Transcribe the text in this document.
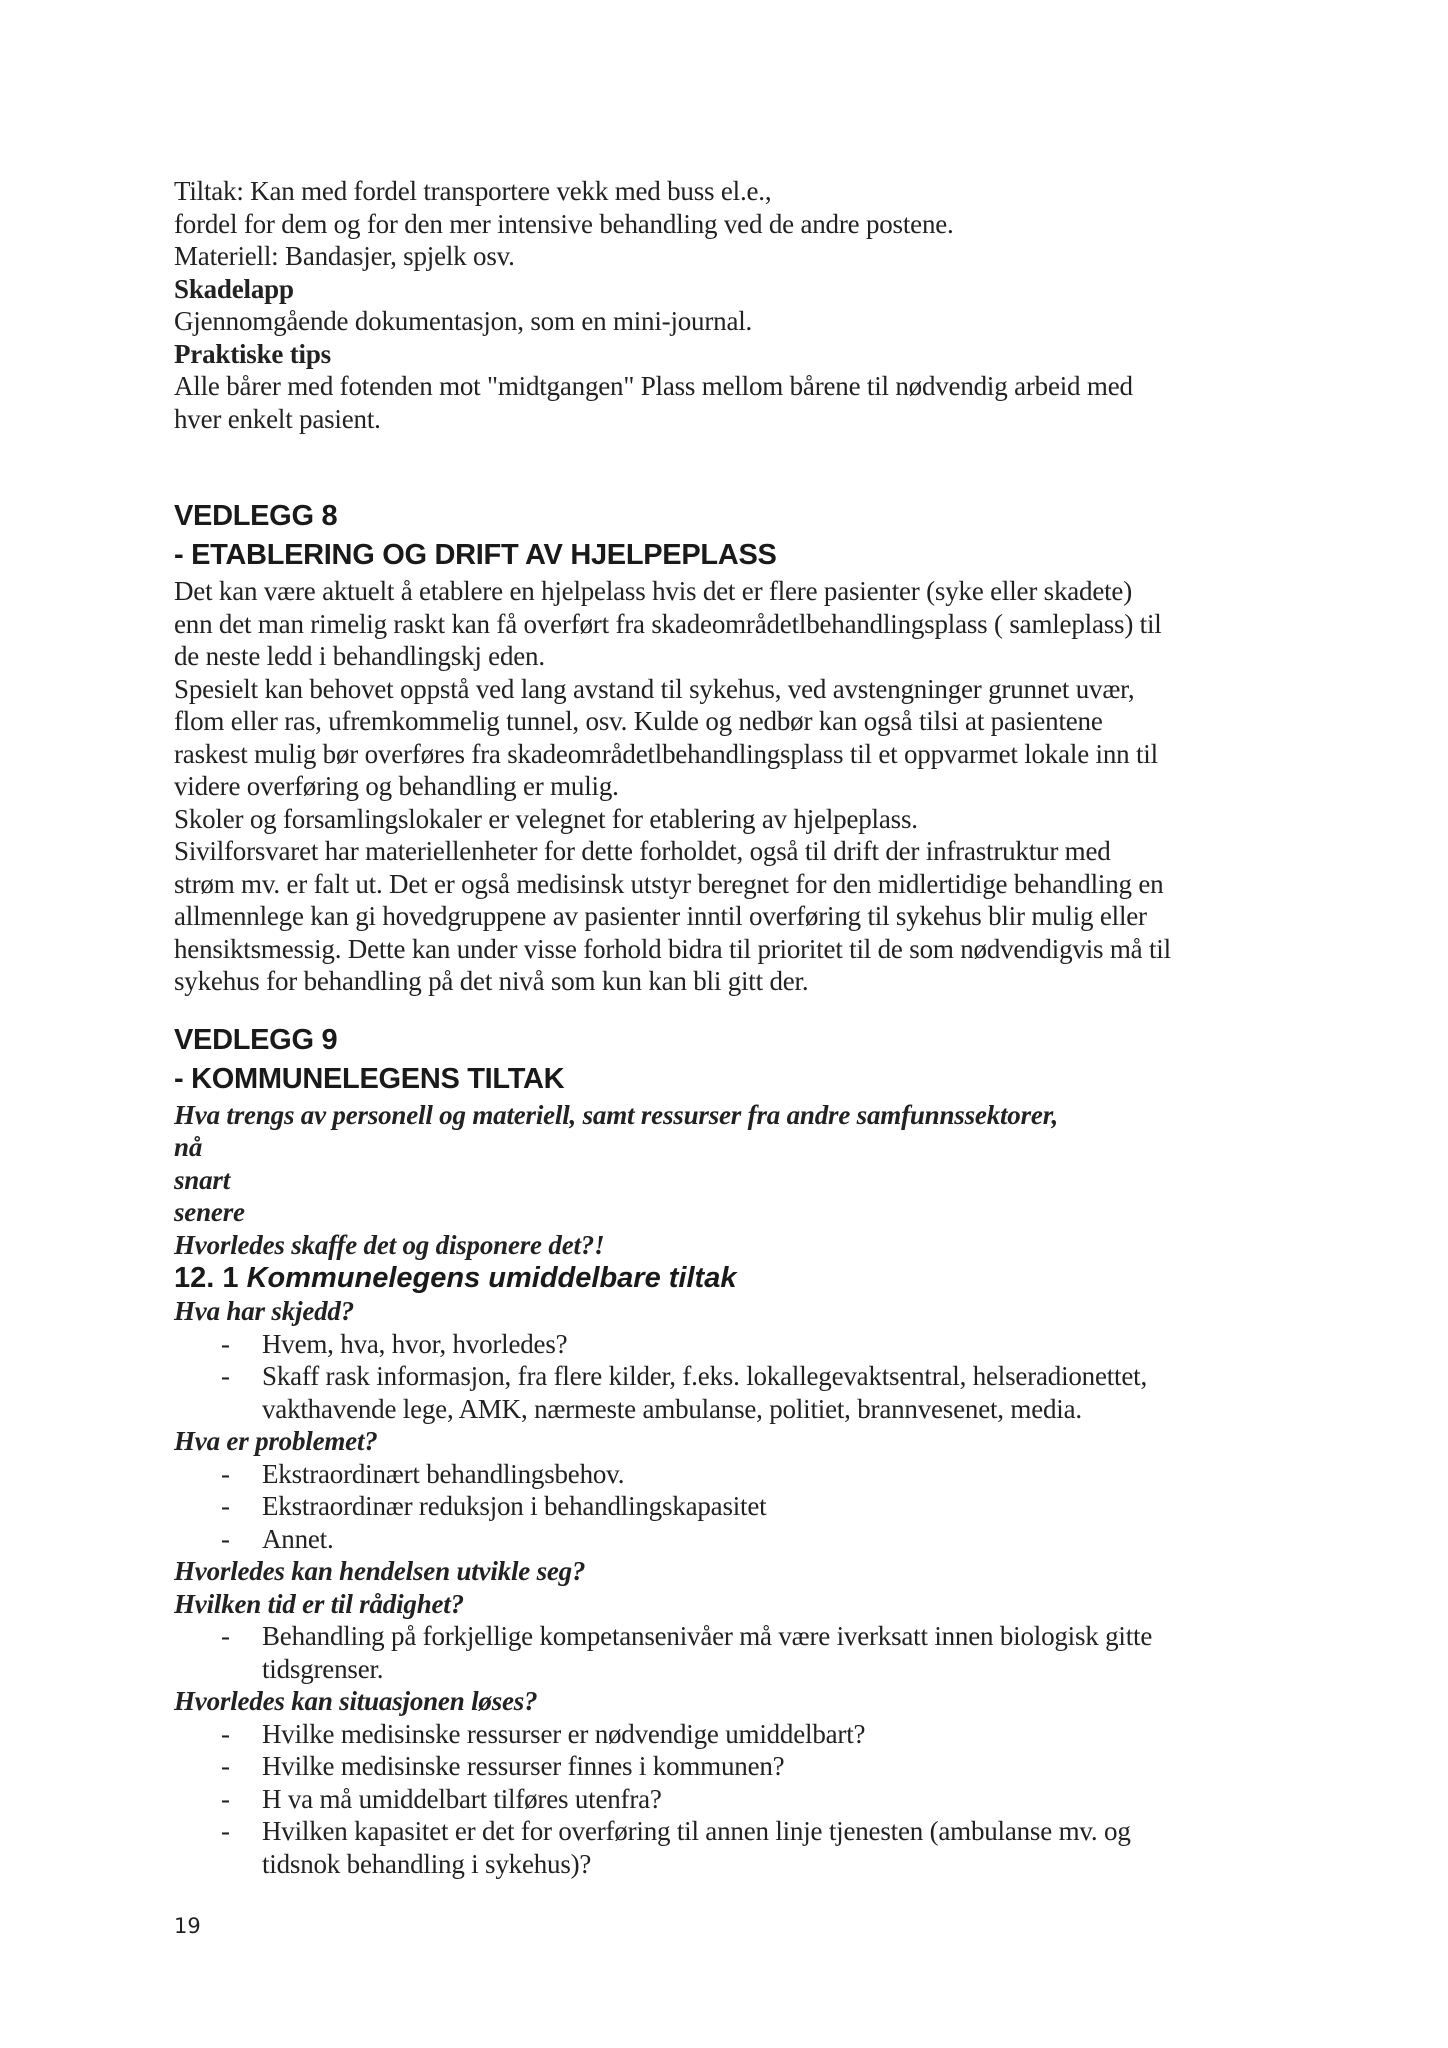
Tiltak: Kan med fordel transportere vekk med buss el.e.,
fordel for dem og for den mer intensive behandling ved de andre postene.
Materiell: Bandasjer, spjelk osv.
Skadelapp
Gjennomgående dokumentasjon, som en mini-journal.
Praktiske tips
Alle bårer med fotenden mot "midtgangen" Plass mellom bårene til nødvendig arbeid med
hver enkelt pasient.
VEDLEGG 8
- ETABLERING OG DRIFT AV HJELPEPLASS
Det kan være aktuelt å etablere en hjelpelass hvis det er flere pasienter (syke eller skadete)
enn det man rimelig raskt kan få overført fra skadeområdetlbehandlingsplass ( samleplass) til
de neste ledd i behandlingskj eden.
Spesielt kan behovet oppstå ved lang avstand til sykehus, ved avstengninger grunnet uvær,
flom eller ras, ufremkommelig tunnel, osv. Kulde og nedbør kan også tilsi at pasientene
raskest mulig bør overføres fra skadeområdetlbehandlingsplass til et oppvarmet lokale inn til
videre overføring og behandling er mulig.
Skoler og forsamlingslokaler er velegnet for etablering av hjelpeplass.
Sivilforsvaret har materiellenheter for dette forholdet, også til drift der infrastruktur med
strøm mv. er falt ut. Det er også medisinsk utstyr beregnet for den midlertidige behandling en
allmennlege kan gi hovedgruppene av pasienter inntil overføring til sykehus blir mulig eller
hensiktsmessig. Dette kan under visse forhold bidra til prioritet til de som nødvendigvis må til
sykehus for behandling på det nivå som kun kan bli gitt der.
VEDLEGG 9
- KOMMUNELEGENS TILTAK
Hva trengs av personell og materiell, samt ressurser fra andre samfunnssektorer,
nå
snart
senere
Hvorledes skaffe det og disponere det?!
12. 1 Kommunelegens umiddelbare tiltak
Hva har skjedd?
- Hvem, hva, hvor, hvorledes?
- Skaff rask informasjon, fra flere kilder, f.eks. lokallegevaktsentral, helseradionettet,
vakthavende lege, AMK, nærmeste ambulanse, politiet, brannvesenet, media.
Hva er problemet?
- Ekstraordinært behandlingsbehov.
- Ekstraordinær reduksjon i behandlingskapasitet
- Annet.
Hvorledes kan hendelsen utvikle seg?
Hvilken tid er til rådighet?
- Behandling på forkjellige kompetansenivåer må være iverksatt innen biologisk gitte
tidsgrenser.
Hvorledes kan situasjonen løses?
- Hvilke medisinske ressurser er nødvendige umiddelbart?
- Hvilke medisinske ressurser finnes i kommunen?
- H va må umiddelbart tilføres utenfra?
- Hvilken kapasitet er det for overføring til annen linje tjenesten (ambulanse mv. og
tidsnok behandling i sykehus)?
19
